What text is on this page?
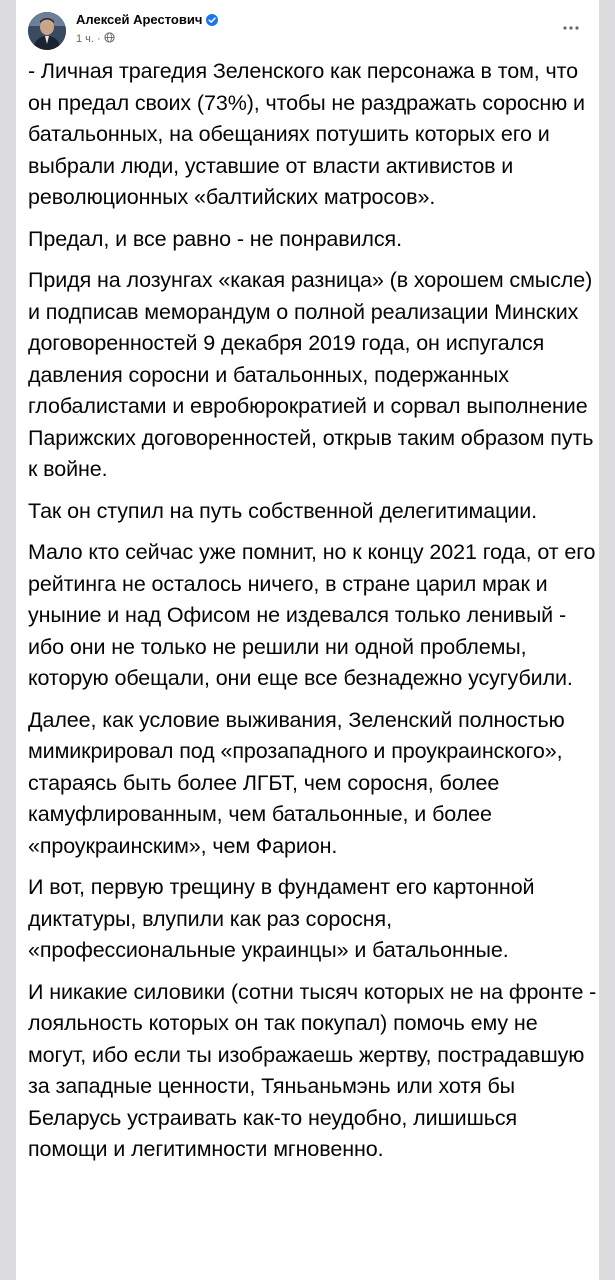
Алексей Арестович
1 ч. ·

- Личная трагедия Зеленского как персонажа в том, что он предал своих (73%), чтобы не раздражать соросню и батальонных, на обещаниях потушить которых его и выбрали люди, уставшие от власти активистов и революционных «балтийских матросов».

Предал, и все равно - не понравился.

Придя на лозунгах «какая разница» (в хорошем смысле) и подписав меморандум о полной реализации Минских договоренностей 9 декабря 2019 года, он испугался давления соросни и батальонных, подержанных глобалистами и евробюрократией и сорвал выполнение Парижских договоренностей, открыв таким образом путь к войне.

Так он ступил на путь собственной делегитимации.

Мало кто сейчас уже помнит, но к концу 2021 года, от его рейтинга не осталось ничего, в стране царил мрак и уныние и над Офисом не издевался только ленивый - ибо они не только не решили ни одной проблемы, которую обещали, они еще все безнадежно усугубили.

Далее, как условие выживания, Зеленский полностью мимикрировал под «прозападного и проукраинского», стараясь быть более ЛГБТ, чем соросня, более камуфлированным, чем батальонные, и более «проукраинским», чем Фарион.

И вот, первую трещину в фундамент его картонной диктатуры, влупили как раз соросня, «профессиональные украинцы» и батальонные.

И никакие силовики (сотни тысяч которых не на фронте - лояльность которых он так покупал) помочь ему не могут, ибо если ты изображаешь жертву, пострадавшую за западные ценности, Тяньаньмэнь или хотя бы Беларусь устраивать как-то неудобно, лишишься помощи и легитимности мгновенно.
